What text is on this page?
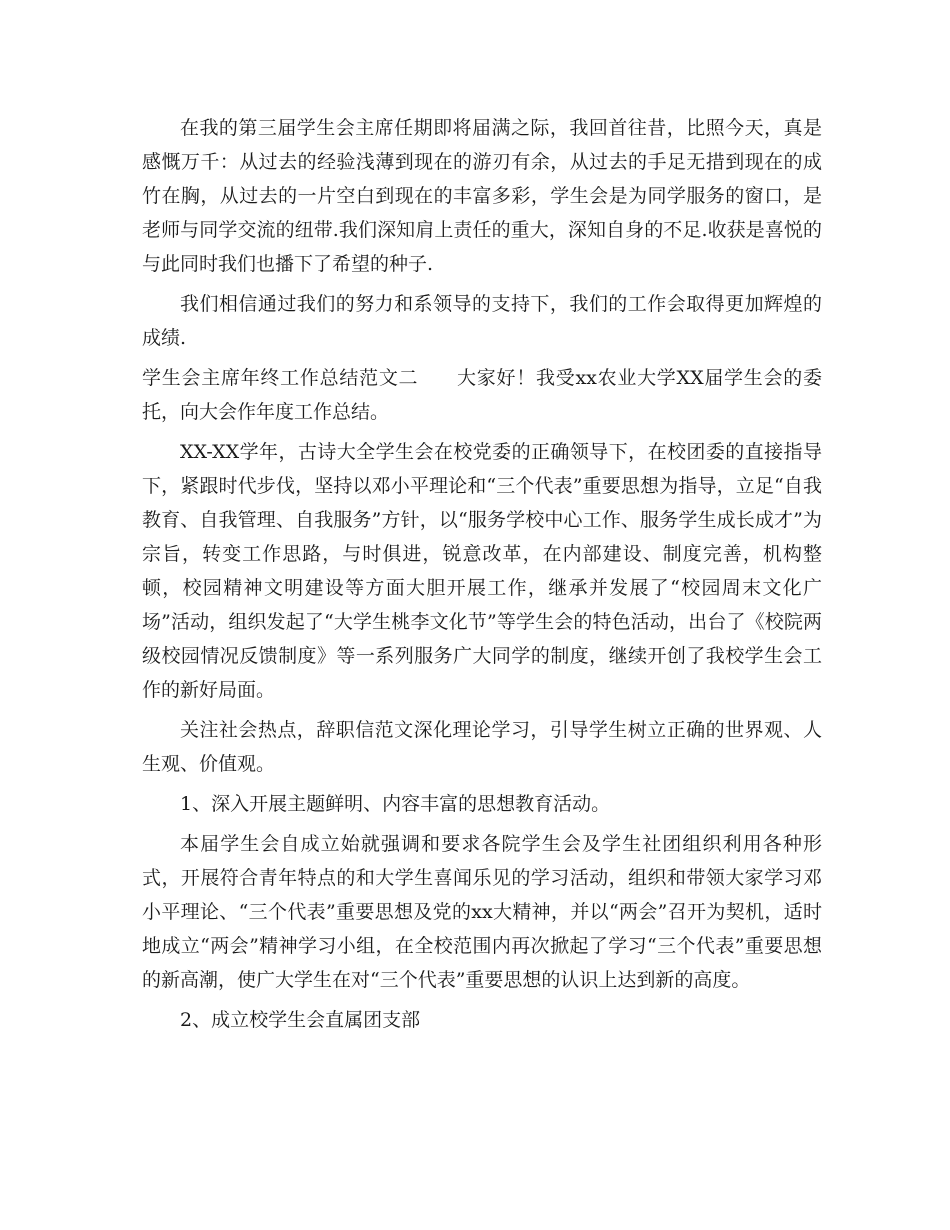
在我的第三届学生会主席任期即将届满之际，我回首往昔，比照今天，真是感慨万千：从过去的经验浅薄到现在的游刃有余，从过去的手足无措到现在的成竹在胸，从过去的一片空白到现在的丰富多彩，学生会是为同学服务的窗口，是老师与同学交流的纽带.我们深知肩上责任的重大，深知自身的不足.收获是喜悦的与此同时我们也播下了希望的种子.

我们相信通过我们的努力和系领导的支持下，我们的工作会取得更加辉煌的成绩.

学生会主席年终工作总结范文二 大家好！我受xx农业大学XX届学生会的委托，向大会作年度工作总结。

XX-XX学年，古诗大全学生会在校党委的正确领导下，在校团委的直接指导下，紧跟时代步伐，坚持以邓小平理论和“三个代表”重要思想为指导，立足“自我教育、自我管理、自我服务”方针，以“服务学校中心工作、服务学生成长成才”为宗旨，转变工作思路，与时俱进，锐意改革，在内部建设、制度完善，机构整顿，校园精神文明建设等方面大胆开展工作，继承并发展了“校园周末文化广场”活动，组织发起了“大学生桃李文化节”等学生会的特色活动，出台了《校院两级校园情况反馈制度》等一系列服务广大同学的制度，继续开创了我校学生会工作的新好局面。

关注社会热点，辞职信范文深化理论学习，引导学生树立正确的世界观、人生观、价值观。

1、深入开展主题鲜明、内容丰富的思想教育活动。

本届学生会自成立始就强调和要求各院学生会及学生社团组织利用各种形式，开展符合青年特点的和大学生喜闻乐见的学习活动，组织和带领大家学习邓小平理论、“三个代表”重要思想及党的xx大精神，并以“两会”召开为契机，适时地成立“两会”精神学习小组，在全校范围内再次掀起了学习“三个代表”重要思想的新高潮，使广大学生在对“三个代表”重要思想的认识上达到新的高度。

2、成立校学生会直属团支部
